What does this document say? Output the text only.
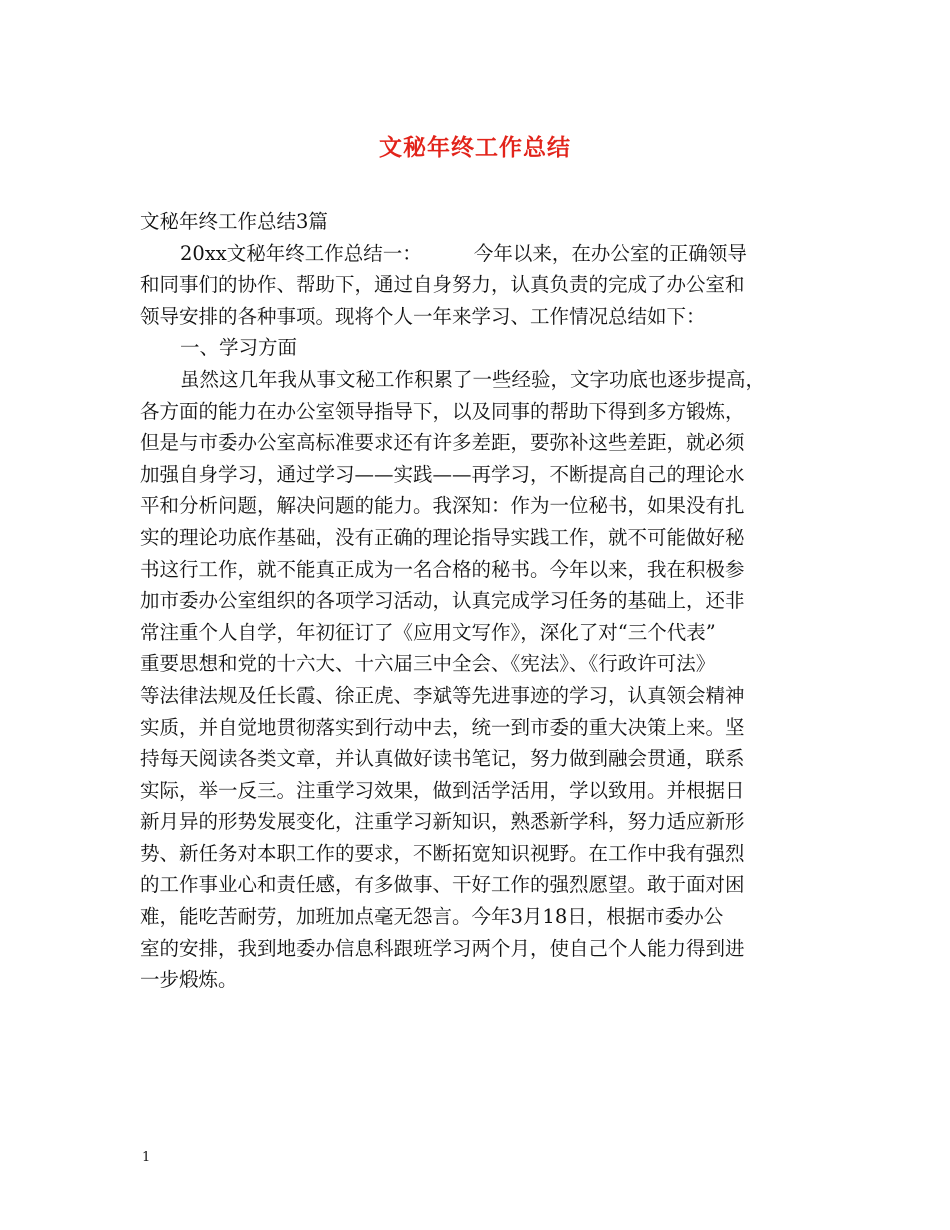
文秘年终工作总结
文秘年终工作总结3篇
20xx文秘年终工作总结一：	今年以来，在办公室的正确领导
和同事们的协作、帮助下，通过自身努力，认真负责的完成了办公室和
领导安排的各种事项。现将个人一年来学习、工作情况总结如下：
一、学习方面
虽然这几年我从事文秘工作积累了一些经验，文字功底也逐步提高，
各方面的能力在办公室领导指导下，以及同事的帮助下得到多方锻炼，
但是与市委办公室高标准要求还有许多差距，要弥补这些差距，就必须
加强自身学习，通过学习——实践——再学习，不断提高自己的理论水
平和分析问题，解决问题的能力。我深知：作为一位秘书，如果没有扎
实的理论功底作基础，没有正确的理论指导实践工作，就不可能做好秘
书这行工作，就不能真正成为一名合格的秘书。今年以来，我在积极参
加市委办公室组织的各项学习活动，认真完成学习任务的基础上，还非
常注重个人自学，年初征订了《应用文写作》，深化了对“三个代表”
重要思想和党的十六大、十六届三中全会、《宪法》、《行政许可法》
等法律法规及任长霞、徐正虎、李斌等先进事迹的学习，认真领会精神
实质，并自觉地贯彻落实到行动中去，统一到市委的重大决策上来。坚
持每天阅读各类文章，并认真做好读书笔记，努力做到融会贯通，联系
实际，举一反三。注重学习效果，做到活学活用，学以致用。并根据日
新月异的形势发展变化，注重学习新知识，熟悉新学科，努力适应新形
势、新任务对本职工作的要求，不断拓宽知识视野。在工作中我有强烈
的工作事业心和责任感，有多做事、干好工作的强烈愿望。敢于面对困
难，能吃苦耐劳，加班加点毫无怨言。今年3月18日，根据市委办公
室的安排，我到地委办信息科跟班学习两个月，使自己个人能力得到进
一步煅炼。
1
